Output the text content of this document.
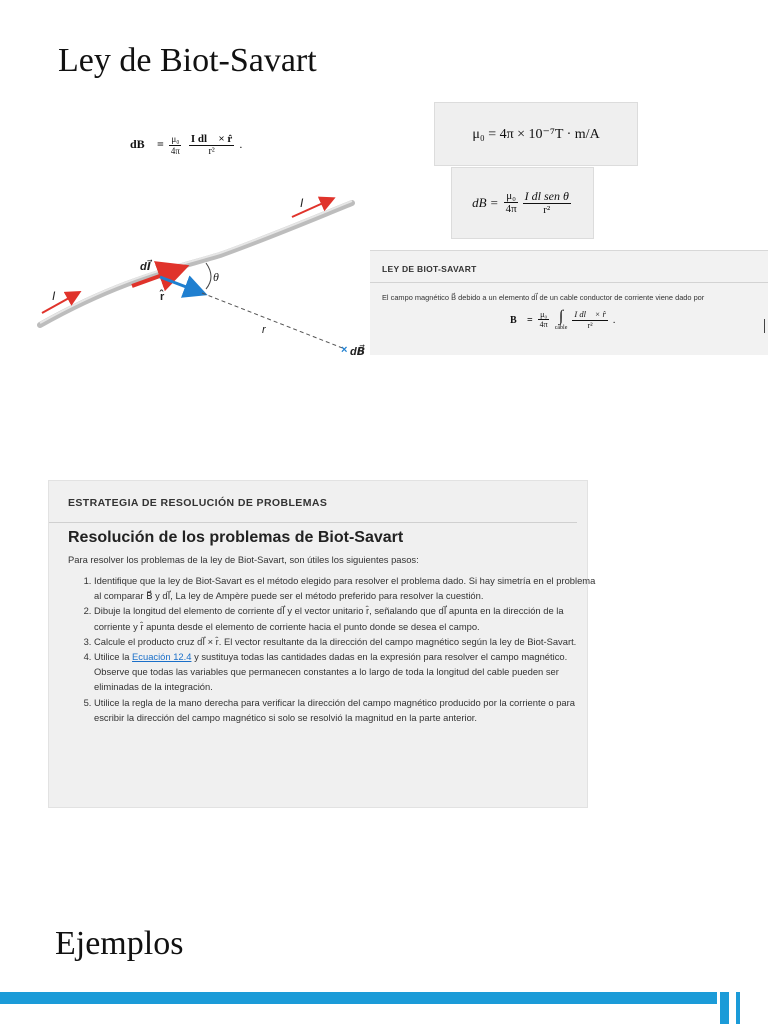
Ley de Biot-Savart
dB⃗ = $\frac{\text{μ₀}}{4\pi}$
$\frac{\text{I dl⃗ × r̂}}{\text{r²}}$ .
μ₀ = 4π × 10⁻⁷T · m/A
dB = $\frac{\text{μ₀}}{4\pi} \frac{\text{I dl sen θ}}{\text{r²}}$
I
I
dl⃗
r̂
θ
r
× dB⃗
LEY DE BIOT-SAVART
El campo magnético B⃗ debido a un elemento dl⃗ de un cable conductor de corriente viene dado por
B⃗ = $\frac{\text{μ₀}}{4\pi}$ ∫
cable $\frac{\text{I dl⃗ × r̂}}{\text{r²}}$ .
ESTRATEGIA DE RESOLUCIÓN DE PROBLEMAS
Resolución de los problemas de Biot-Savart
Para resolver los problemas de la ley de Biot-Savart, son útiles los siguientes pasos:
1. Identifique que la ley de Biot-Savart es el método elegido para resolver el problema dado. Si hay simetría en el problema al comparar B⃗ y dl⃗, La ley de Ampère puede ser el método preferido para resolver la cuestión.
2. Dibuje la longitud del elemento de corriente dl⃗ y el vector unitario r̂, señalando que dl⃗ apunta en la dirección de la corriente y r̂ apunta desde el elemento de corriente hacia el punto donde se desea el campo.
3. Calcule el producto cruz dl⃗ × r̂. El vector resultante da la dirección del campo magnético según la ley de Biot-Savart.
4. Utilice la Ecuación 12.4 y sustituya todas las cantidades dadas en la expresión para resolver el campo magnético. Observe que todas las variables que permanecen constantes a lo largo de toda la longitud del cable pueden ser eliminadas de la integración.
5. Utilice la regla de la mano derecha para verificar la dirección del campo magnético producido por la corriente o para escribir la dirección del campo magnético si solo se resolvió la magnitud en la parte anterior.
Ejemplos
